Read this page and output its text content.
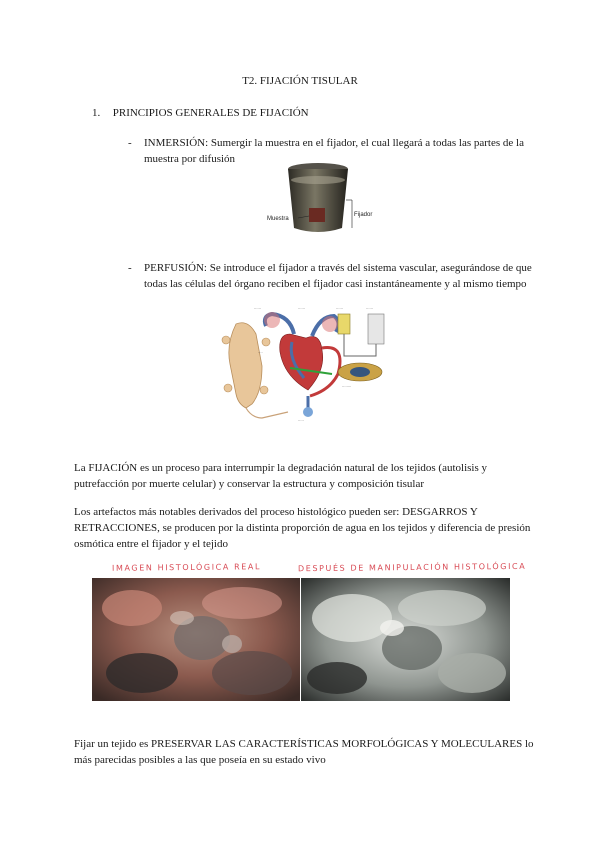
T2. FIJACIÓN TISULAR
1. PRINCIPIOS GENERALES DE FIJACIÓN
- INMERSIÓN: Sumergir la muestra en el fijador, el cual llegará a todas las partes de la muestra por difusión
Muestra
Fijador
- PERFUSIÓN: Se introduce el fijador a través del sistema vascular, asegurándose de que todas las células del órgano reciben el fijador casi instantáneamente y al mismo tiempo
······	······	······	······
····
·····
········
La FIJACIÓN es un proceso para interrumpir la degradación natural de los tejidos (autolisis y putrefacción por muerte celular) y conservar la estructura y composición tisular
Los artefactos más notables derivados del proceso histológico pueden ser: DESGARROS Y RETRACCIONES, se producen por la distinta proporción de agua en los tejidos y diferencia de presión osmótica entre el fijador y el tejido
IMAGEN HISTOLÓGICA REAL	DESPUÉS DE MANIPULACIÓN HISTOLÓGICA
Fijar un tejido es PRESERVAR LAS CARACTERÍSTICAS MORFOLÓGICAS Y MOLECULARES lo más parecidas posibles a las que poseía en su estado vivo
